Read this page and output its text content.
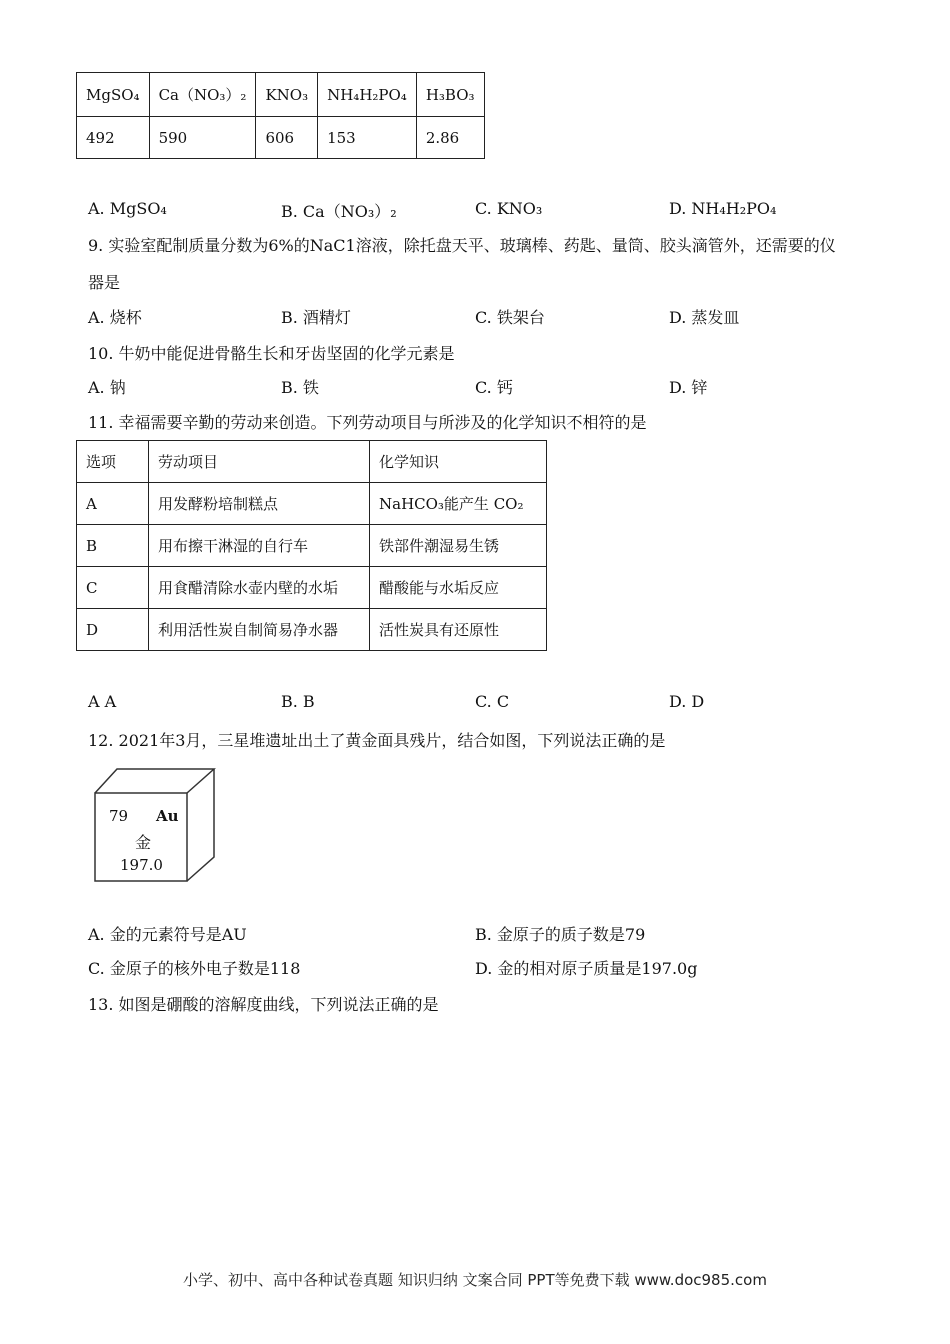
MgSO₄	Ca（NO₃）₂	KNO₃	NH₄H₂PO₄	H₃BO₃
492	590	606	153	2.86
A. MgSO₄	B. Ca（NO₃）₂	C. KNO₃	D. NH₄H₂PO₄
9. 实验室配制质量分数为6%的NaC1溶液，除托盘天平、玻璃棒、药匙、量筒、胶头滴管外，还需要的仪
器是
A. 烧杯	B. 酒精灯	C. 铁架台	D. 蒸发皿
10. 牛奶中能促进骨骼生长和牙齿坚固的化学元素是
A. 钠	B. 铁	C. 钙	D. 锌
11. 幸福需要辛勤的劳动来创造。下列劳动项目与所涉及的化学知识不相符的是
选项	劳动项目	化学知识
A	用发酵粉培制糕点	NaHCO₃能产生 CO₂
B	用布擦干淋湿的自行车	铁部件潮湿易生锈
C	用食醋清除水壶内壁的水垢	醋酸能与水垢反应
D	利用活性炭自制简易净水器	活性炭具有还原性
A A	B. B	C. C	D. D
12. 2021年3月，三星堆遗址出土了黄金面具残片，结合如图，下列说法正确的是
79 Au
金
197.0
A. 金的元素符号是AU	B. 金原子的质子数是79
C. 金原子的核外电子数是118	D. 金的相对原子质量是197.0g
13. 如图是硼酸的溶解度曲线，下列说法正确的是
小学、初中、高中各种试卷真题 知识归纳 文案合同 PPT等免费下载 www.doc985.com
